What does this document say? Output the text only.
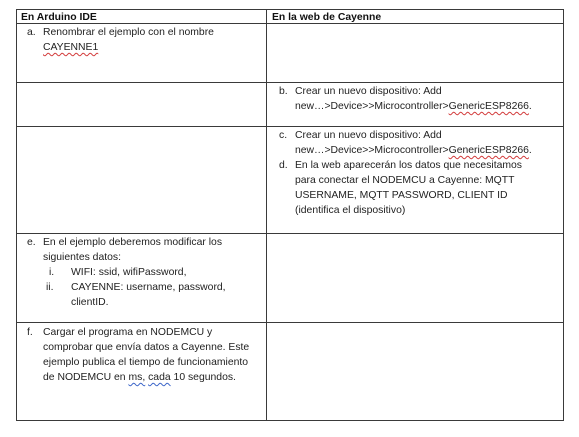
En Arduino IDE	En la web de Cayenne
a. Renombrar el ejemplo con el nombre
CAYENNE1
b. Crear un nuevo dispositivo: Add
new…>Device>>Microcontroller>GenericESP8266.
c. Crear un nuevo dispositivo: Add
new…>Device>>Microcontroller>GenericESP8266.
d. En la web aparecerán los datos que necesitamos para conectar el NODEMCU a Cayenne: MQTT USERNAME, MQTT PASSWORD, CLIENT ID (identifica el dispositivo)
e. En el ejemplo deberemos modificar los siguientes datos:
i. WIFI: ssid, wifiPassword,
ii. CAYENNE: username, password, clientID.
f. Cargar el programa en NODEMCU y comprobar que envía datos a Cayenne. Este ejemplo publica el tiempo de funcionamiento de NODEMCU en ms, cada 10 segundos.
